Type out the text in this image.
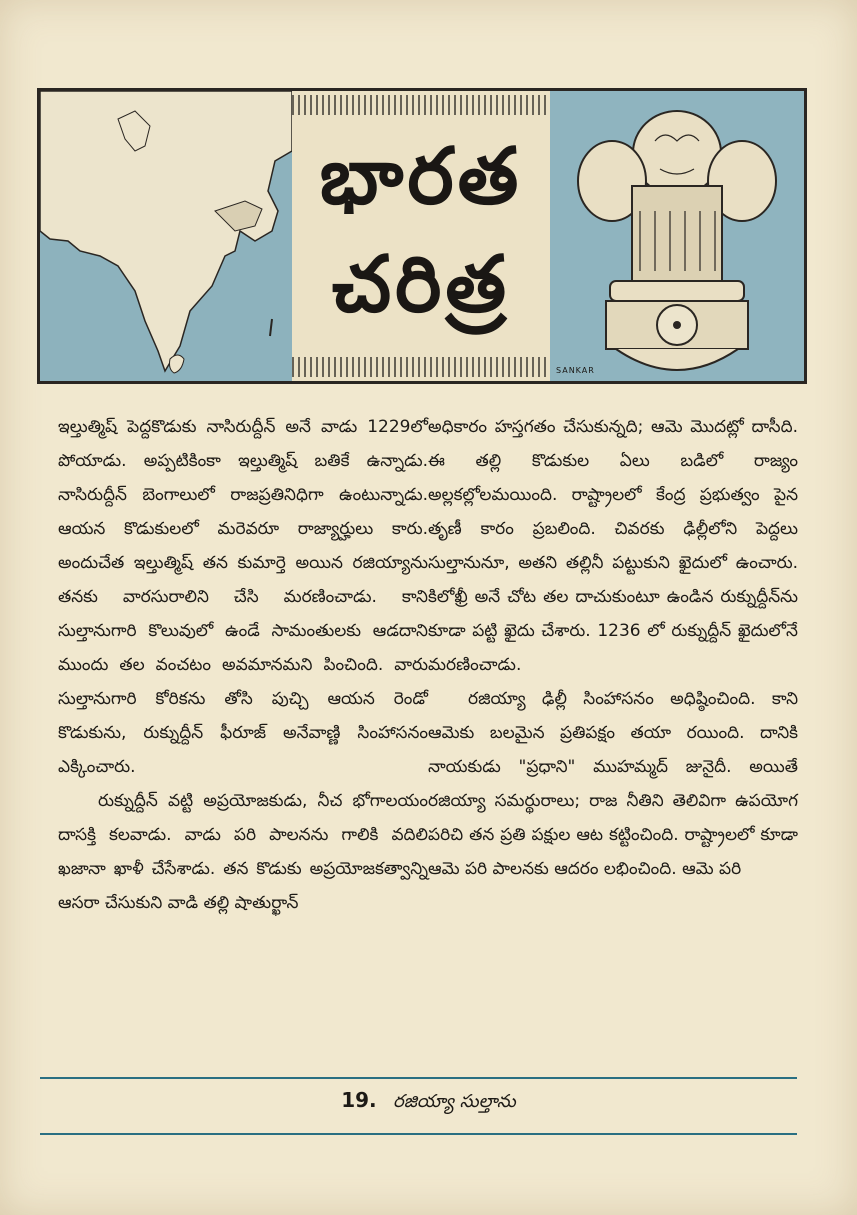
భారత
చరిత్ర
SANKAR

ఇల్తుత్మిష్ పెద్దకొడుకు నాసిరుద్దీన్ అనే వాడు 1229లో పోయాడు. అప్పటికింకా ఇల్తుత్మిష్ బతికే ఉన్నాడు. నాసిరుద్దీన్ బెంగాలులో రాజప్రతినిధిగా ఉంటున్నాడు. ఆయన కొడుకులలో మరెవరూ రాజ్యార్హులు కారు. అందుచేత ఇల్తుత్మిష్ తన కుమార్తె అయిన రజియ్యాను తనకు వారసురాలిని చేసి మరణించాడు. కాని సుల్తానుగారి కొలువులో ఉండే సామంతులకు ఆడదాని ముందు తల వంచటం అవమానమని పించింది. వారు సుల్తానుగారి కోరికను తోసి పుచ్చి ఆయన రెండో కొడుకును, రుక్నుద్దీన్ ఫీరూజ్ అనేవాణ్ణి సింహాసనం ఎక్కించారు.

రుక్నుద్దీన్ వట్టి అప్రయోజకుడు, నీచ భోగాలయం దాసక్తి కలవాడు. వాడు పరి పాలనను గాలికి వదిలి ఖజానా ఖాళీ చేసేశాడు. తన కొడుకు అప్రయోజకత్వాన్ని ఆసరా చేసుకుని వాడి తల్లి షాతుర్ఖాన్

అధికారం హస్తగతం చేసుకున్నది; ఆమె మొదట్లో దాసీది. ఈ తల్లి కొడుకుల ఏలు బడిలో రాజ్యం అల్లకల్లోలమయింది. రాష్ట్రాలలో కేంద్ర ప్రభుత్వం పైన తృణీ కారం ప్రబలింది. చివరకు ఢిల్లీలోని పెద్దలు సుల్తానునూ, అతని తల్లినీ పట్టుకుని ఖైదులో ఉంచారు. కిలోఖ్రీ అనే చోట తల దాచుకుంటూ ఉండిన రుక్నుద్దీన్‌ను కూడా పట్టి ఖైదు చేశారు. 1236 లో రుక్నుద్దీన్ ఖైదులోనే మరణించాడు.

రజియ్యా ఢిల్లీ సింహాసనం అధిష్ఠించింది. కాని ఆమెకు బలమైన ప్రతిపక్షం తయా రయింది. దానికి నాయకుడు "ప్రధాని" ముహమ్మద్ జునైదీ. అయితే రజియ్యా సమర్థురాలు; రాజ నీతిని తెలివిగా ఉపయోగ పరిచి తన ప్రతి పక్షుల ఆట కట్టించింది. రాష్ట్రాలలో కూడా ఆమె పరి పాలనకు ఆదరం లభించింది. ఆమె పరి

19. రజియ్యా సుల్తాను
